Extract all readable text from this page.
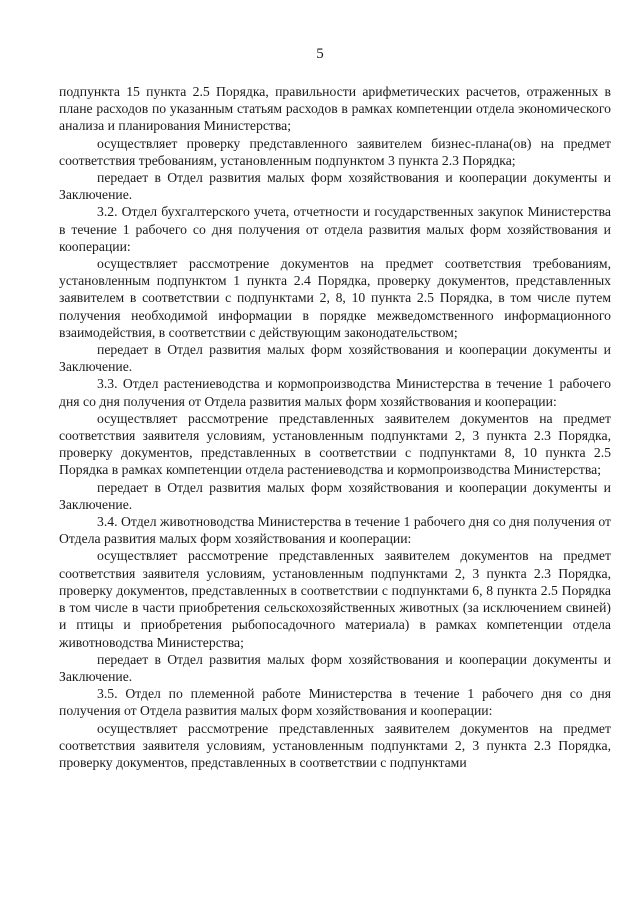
5

подпункта 15 пункта 2.5 Порядка, правильности арифметических расчетов, отраженных в плане расходов по указанным статьям расходов в рамках компетенции отдела экономического анализа и планирования Министерства;

осуществляет проверку представленного заявителем бизнес-плана(ов) на предмет соответствия требованиям, установленным подпунктом 3 пункта 2.3 Порядка;

передает в Отдел развития малых форм хозяйствования и кооперации документы и Заключение.

3.2. Отдел бухгалтерского учета, отчетности и государственных закупок Министерства в течение 1 рабочего со дня получения от отдела развития малых форм хозяйствования и кооперации:

осуществляет рассмотрение документов на предмет соответствия требованиям, установленным подпунктом 1 пункта 2.4 Порядка, проверку документов, представленных заявителем в соответствии с подпунктами 2, 8, 10 пункта 2.5 Порядка, в том числе путем получения необходимой информации в порядке межведомственного информационного взаимодействия, в соответствии с действующим законодательством;

передает в Отдел развития малых форм хозяйствования и кооперации документы и Заключение.

3.3. Отдел растениеводства и кормопроизводства Министерства в течение 1 рабочего дня со дня получения от Отдела развития малых форм хозяйствования и кооперации:

осуществляет рассмотрение представленных заявителем документов на предмет соответствия заявителя условиям, установленным подпунктами 2, 3 пункта 2.3 Порядка, проверку документов, представленных в соответствии с подпунктами 8, 10 пункта 2.5 Порядка в рамках компетенции отдела растениеводства и кормопроизводства Министерства;

передает в Отдел развития малых форм хозяйствования и кооперации документы и Заключение.

3.4. Отдел животноводства Министерства в течение 1 рабочего дня со дня получения от Отдела развития малых форм хозяйствования и кооперации:

осуществляет рассмотрение представленных заявителем документов на предмет соответствия заявителя условиям, установленным подпунктами 2, 3 пункта 2.3 Порядка, проверку документов, представленных в соответствии с подпунктами 6, 8 пункта 2.5 Порядка в том числе в части приобретения сельскохозяйственных животных (за исключением свиней) и птицы и приобретения рыбопосадочного материала) в рамках компетенции отдела животноводства Министерства;

передает в Отдел развития малых форм хозяйствования и кооперации документы и Заключение.

3.5. Отдел по племенной работе Министерства в течение 1 рабочего дня со дня получения от Отдела развития малых форм хозяйствования и кооперации:

осуществляет рассмотрение представленных заявителем документов на предмет соответствия заявителя условиям, установленным подпунктами 2, 3 пункта 2.3 Порядка, проверку документов, представленных в соответствии с подпунктами
